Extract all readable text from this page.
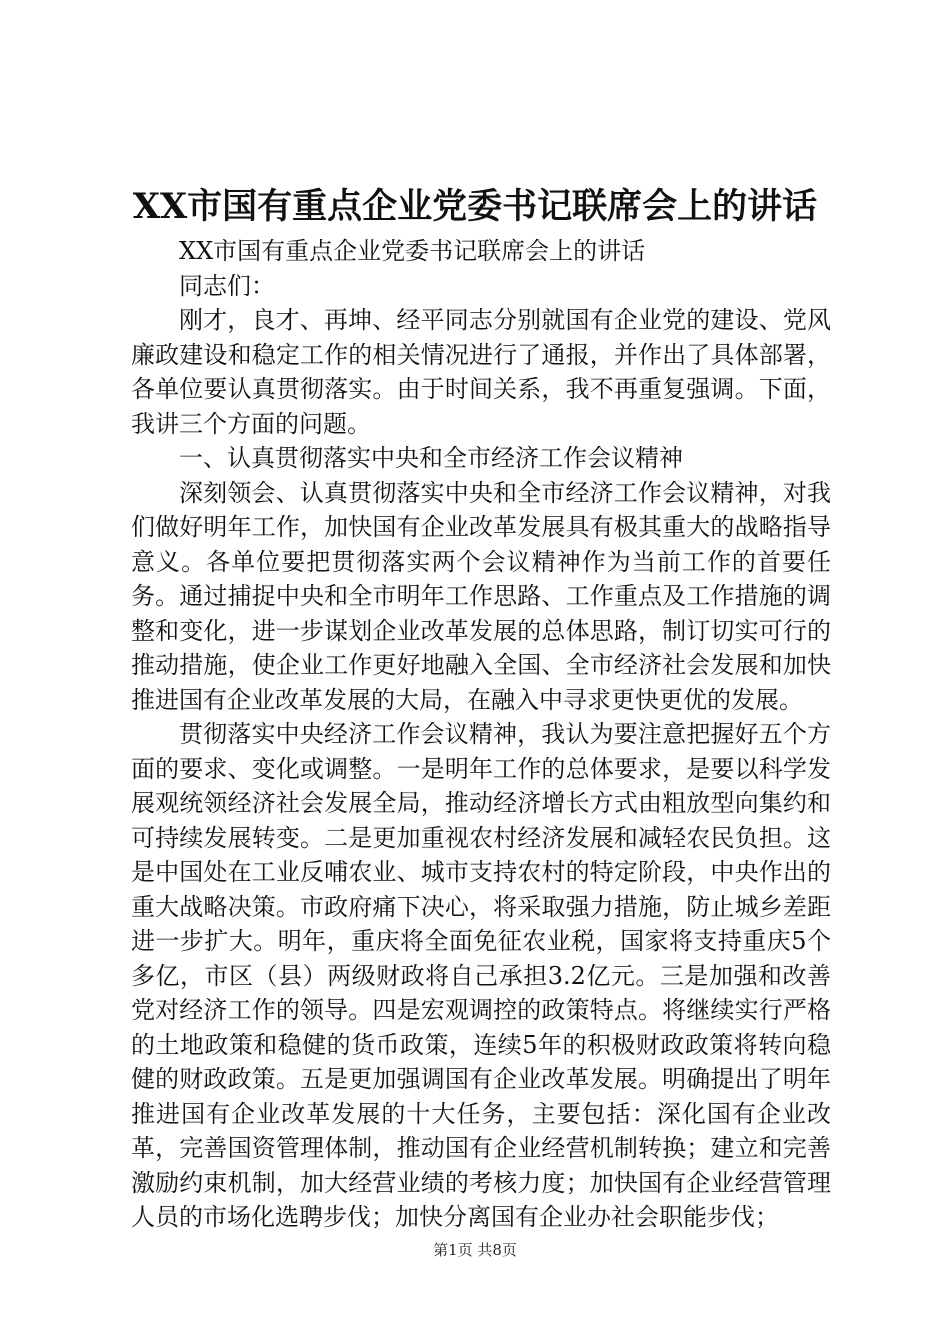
XX市国有重点企业党委书记联席会上的讲话

XX市国有重点企业党委书记联席会上的讲话

同志们：

刚才，良才、再坤、经平同志分别就国有企业党的建设、党风廉政建设和稳定工作的相关情况进行了通报，并作出了具体部署，各单位要认真贯彻落实。由于时间关系，我不再重复强调。下面，我讲三个方面的问题。

一、认真贯彻落实中央和全市经济工作会议精神

深刻领会、认真贯彻落实中央和全市经济工作会议精神，对我们做好明年工作，加快国有企业改革发展具有极其重大的战略指导意义。各单位要把贯彻落实两个会议精神作为当前工作的首要任务。通过捕捉中央和全市明年工作思路、工作重点及工作措施的调整和变化，进一步谋划企业改革发展的总体思路，制订切实可行的推动措施，使企业工作更好地融入全国、全市经济社会发展和加快推进国有企业改革发展的大局，在融入中寻求更快更优的发展。

贯彻落实中央经济工作会议精神，我认为要注意把握好五个方面的要求、变化或调整。一是明年工作的总体要求，是要以科学发展观统领经济社会发展全局，推动经济增长方式由粗放型向集约和可持续发展转变。二是更加重视农村经济发展和减轻农民负担。这是中国处在工业反哺农业、城市支持农村的特定阶段，中央作出的重大战略决策。市政府痛下决心，将采取强力措施，防止城乡差距进一步扩大。明年，重庆将全面免征农业税，国家将支持重庆5个多亿，市区（县）两级财政将自己承担3.2亿元。三是加强和改善党对经济工作的领导。四是宏观调控的政策特点。将继续实行严格的土地政策和稳健的货币政策，连续5年的积极财政政策将转向稳健的财政政策。五是更加强调国有企业改革发展。明确提出了明年推进国有企业改革发展的十大任务，主要包括：深化国有企业改革，完善国资管理体制，推动国有企业经营机制转换；建立和完善激励约束机制，加大经营业绩的考核力度；加快国有企业经营管理人员的市场化选聘步伐；加快分离国有企业办社会职能步伐；

第1页 共8页
